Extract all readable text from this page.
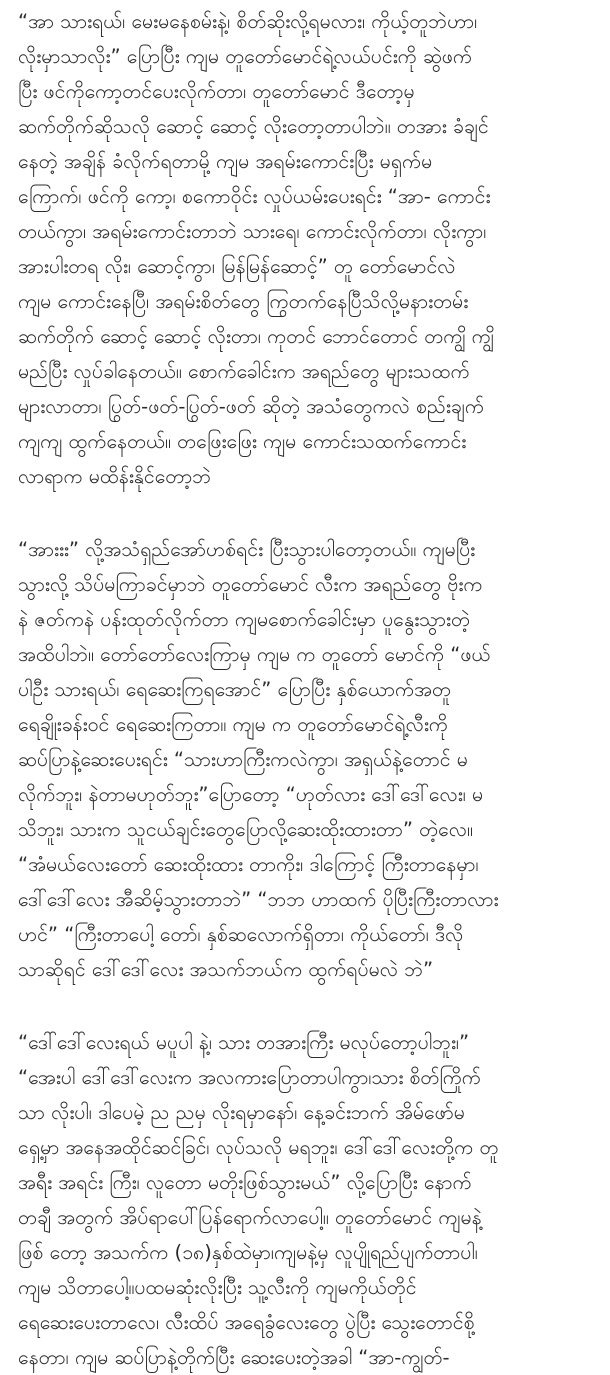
“အာ သားရယ်၊ မေးမနေစမ်းနဲ့၊ စိတ်ဆိုးလို့ရမလား၊ ကိုယ့်တူဘဲဟာ၊
လိုးမှာသာလိုး” ပြောပြီး ကျမ တူတော်မောင်ရဲ့လယ်ပင်းကို ဆွဲဖက်
ပြီး ဖင်ကိုကော့တင်ပေးလိုက်တာ၊ တူတော်မောင် ဒီတော့မှ
ဆက်တိုက်ဆိုသလို ဆောင့် ဆောင့် လိုးတော့တာပါဘဲ။ တအား ခံချင်
နေတဲ့ အချိန် ခံလိုက်ရတာမို့ ကျမ အရမ်းကောင်းပြီး မရှက်မ
ကြောက်၊ ဖင်ကို ကော့၊ စကောဝိုင်း လှုပ်ယမ်းပေးရင်း “အာ- ကောင်း
တယ်ကွာ၊ အရမ်းကောင်းတာဘဲ သားရေ၊ ကောင်းလိုက်တာ၊ လိုးကွာ၊
အားပါးတရ လိုး၊ ဆောင့်ကွာ၊ မြန်မြန်ဆောင့်” တူ တော်မောင်လဲ
ကျမ ကောင်းနေပြီ၊ အရမ်းစိတ်တွေ ကြွတက်နေပြီသိလို့မနားတမ်း
ဆက်တိုက် ဆောင့် ဆောင့် လိုးတာ၊ ကုတင် ဘောင်တောင် တကျွိ ကျွိ
မည်ပြီး လှုပ်ခါနေတယ်။ စောက်ခေါင်းက အရည်တွေ များသထက်
များလာတာ၊ ပြွတ်-ဖတ်-ပြွတ်-ဖတ် ဆိုတဲ့ အသံတွေကလဲ စည်းချက်
ကျကျ ထွက်နေတယ်။ တဖြေးဖြေး ကျမ ကောင်းသထက်ကောင်း
လာရာက မထိန်းနိုင်တော့ဘဲ
“အားးး” လို့အသံရှည်အော်ဟစ်ရင်း ပြီးသွားပါတော့တယ်။ ကျမပြီး
သွားလို့ သိပ်မကြာခင်မှာဘဲ တူတော်မောင် လီးက အရည်တွေ ဗိုးက
နဲ ဇတ်ကနဲ ပန်းထုတ်လိုက်တာ ကျမစောက်ခေါင်းမှာ ပူနွေးသွားတဲ့
အထိပါဘဲ။ တော်တော်လေးကြာမှ ကျမ က တူတော် မောင်ကို “ဖယ်
ပါဦး သားရယ်၊ ရေဆေးကြရအောင်” ပြောပြီး နှစ်ယောက်အတူ
ရေချိုးခန်းဝင် ရေဆေးကြတာ။ ကျမ က တူတော်မောင်ရဲ့လီးကို
ဆပ်ပြာနဲ့ဆေးပေးရင်း “သားဟာကြီးကလဲကွာ၊ အရှယ်နဲ့တောင် မ
လိုက်ဘူး၊ နဲတာမဟုတ်ဘူး”ပြောတော့ “ဟုတ်လား ဒေါ်ဒေါ်လေး၊ မ
သိဘူး၊ သားက သူငယ်ချင်းတွေပြောလို့ဆေးထိုးထားတာ” တဲ့လေ။
“အံမယ်လေးတော် ဆေးထိုးထား တာကိုး၊ ဒါကြောင့် ကြီးတာနေမှာ၊
ဒေါ်ဒေါ်လေး အီဆိမ့်သွားတာဘဲ” “ဘဘ ဟာထက် ပိုပြီးကြီးတာလား
ဟင်” “ကြီးတာပေါ့ တော်၊ နှစ်ဆလောက်ရှိတာ၊ ကိုယ်တော်၊ ဒီလို
သာဆိုရင် ဒေါ်ဒေါ်လေး အသက်ဘယ်က ထွက်ရပ်မလဲ ဘဲ”
“ဒေါ်ဒေါ်လေးရယ် မပူပါ နဲ့၊ သား တအားကြီး မလုပ်တော့ပါဘူး၊”
“အေးပါ ဒေါ်ဒေါ်လေးက အလကားပြောတာပါကွာ၊သား စိတ်ကြိုက်
သာ လိုးပါ၊ ဒါပေမဲ့ ည ညမှ လိုးရမှာနော်၊ နေ့ခင်းဘက် အိမ်ဖော်မ
ရှေ့မှာ အနေအထိုင်ဆင်ခြင်၊ လုပ်သလို မရဘူး၊ ဒေါ်ဒေါ်လေးတို့က တူ
အရီး အရင်း ကြီး၊ လူတော မတိုးဖြစ်သွားမယ်” လို့ပြောပြီး နောက်
တချီ အတွက် အိပ်ရာပေါ်ပြန်ရောက်လာပေါ့။ တူတော်မောင် ကျမနဲ့
ဖြစ် တော့ အသက်က (၁၈)နှစ်ထဲမှာ၊ကျမနဲ့မှ လူပျိုရည်ပျက်တာပါ၊
ကျမ သိတာပေါ့။ပထမဆုံးလိုးပြီး သူ့လီးကို ကျမကိုယ်တိုင်
ရေဆေးပေးတာလေ၊ လီးထိပ် အရေခွံလေးတွေ ပွဲပြီး သွေးတောင်စို့
နေတာ၊ ကျမ ဆပ်ပြာနဲ့တိုက်ပြီး ဆေးပေးတဲ့အခါ “အာ-ကျွတ်-
